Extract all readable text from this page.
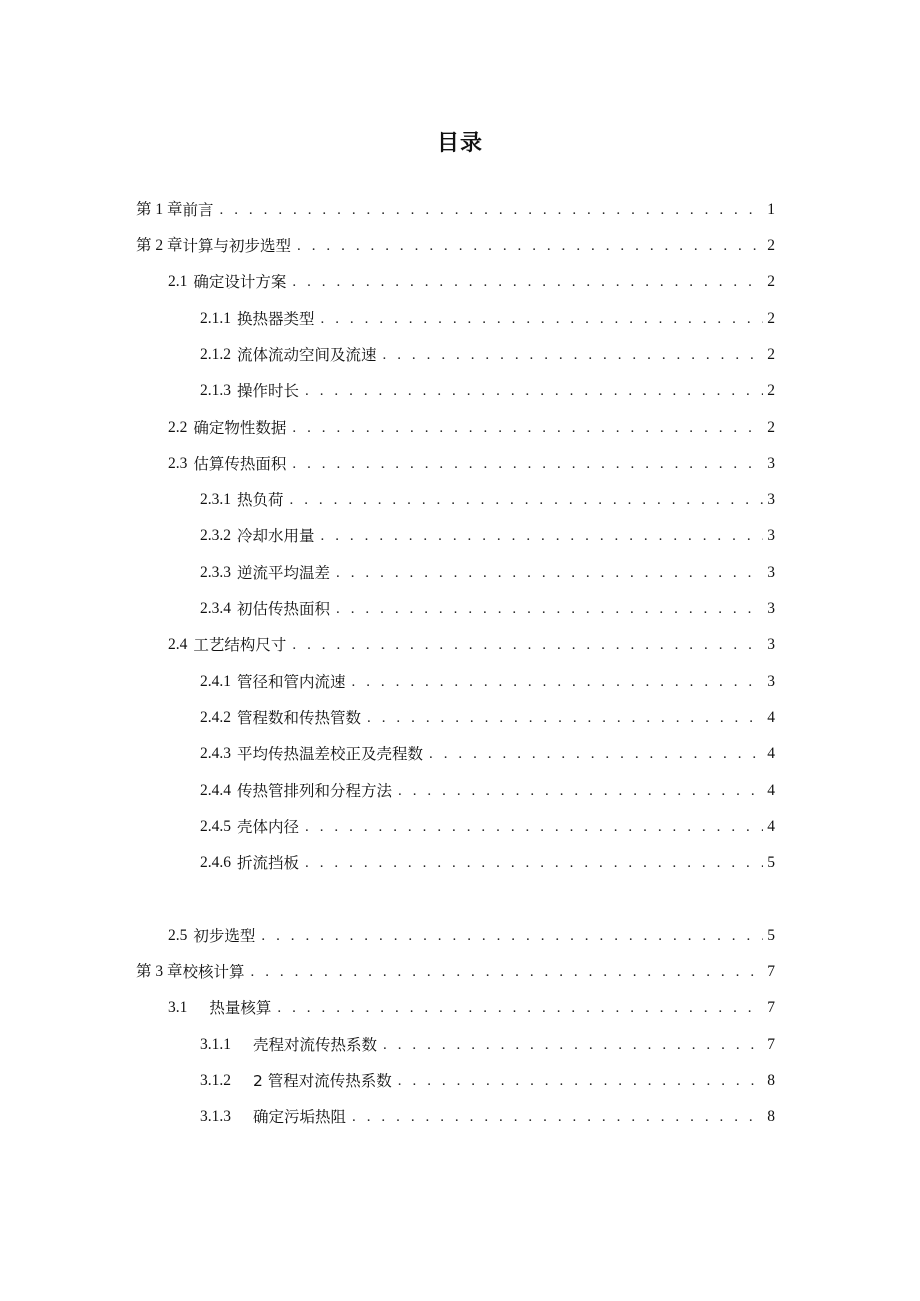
目录
第 1 章 前言 . . .	1
第 2 章 计算与初步选型 . . .	2
2.1 确定设计方案 . . .	2
2.1.1 换热器类型 . . .	2
2.1.2 流体流动空间及流速 . . .	2
2.1.3 操作时长 . . .	2
2.2 确定物性数据 . . .	2
2.3 估算传热面积 . . .	3
2.3.1 热负荷 . . .	3
2.3.2 冷却水用量 . . .	3
2.3.3 逆流平均温差 . . .	3
2.3.4 初估传热面积 . . .	3
2.4 工艺结构尺寸 . . .	3
2.4.1 管径和管内流速 . . .	3
2.4.2 管程数和传热管数 . . .	4
2.4.3 平均传热温差校正及壳程数 . . .	4
2.4.4 传热管排列和分程方法 . . .	4
2.4.5 壳体内径 . . .	4
2.4.6 折流挡板 . . .	5
2.5 初步选型 . . .	5
第 3 章 校核计算 . . .	7
3.1 热量核算 . . .	7
3.1.1 壳程对流传热系数 . . .	7
3.1.2 2 管程对流传热系数 . . .	8
3.1.3 确定污垢热阻 . . .	8
